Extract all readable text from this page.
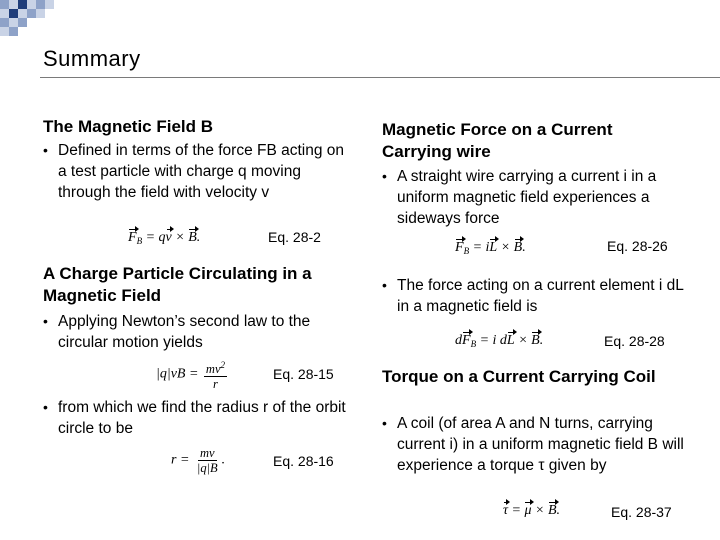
Summary
The Magnetic Field B
• Defined in terms of the force FB acting on a test particle with charge q moving through the field with velocity v
$F_B$ = qv × B.	Eq. 28-2
A Charge Particle Circulating in a Magnetic Field
• Applying Newton’s second law to the circular motion yields
$|q|vB = \frac{mv^2}{r}$	Eq. 28-15
• from which we find the radius r of the orbit circle to be
$r = \frac{mv}{|q|B}$ .	Eq. 28-16
Magnetic Force on a Current Carrying wire
• A straight wire carrying a current i in a uniform magnetic field experiences a sideways force
$F_B$ = iL × B.	Eq. 28-26
• The force acting on a current element i dL in a magnetic field is
$dF_B = i$ dL × B.	Eq. 28-28
Torque on a Current Carrying Coil
• A coil (of area A and N turns, carrying current i) in a uniform magnetic field B will experience a torque τ given by
τ = μ × B.	Eq. 28-37
